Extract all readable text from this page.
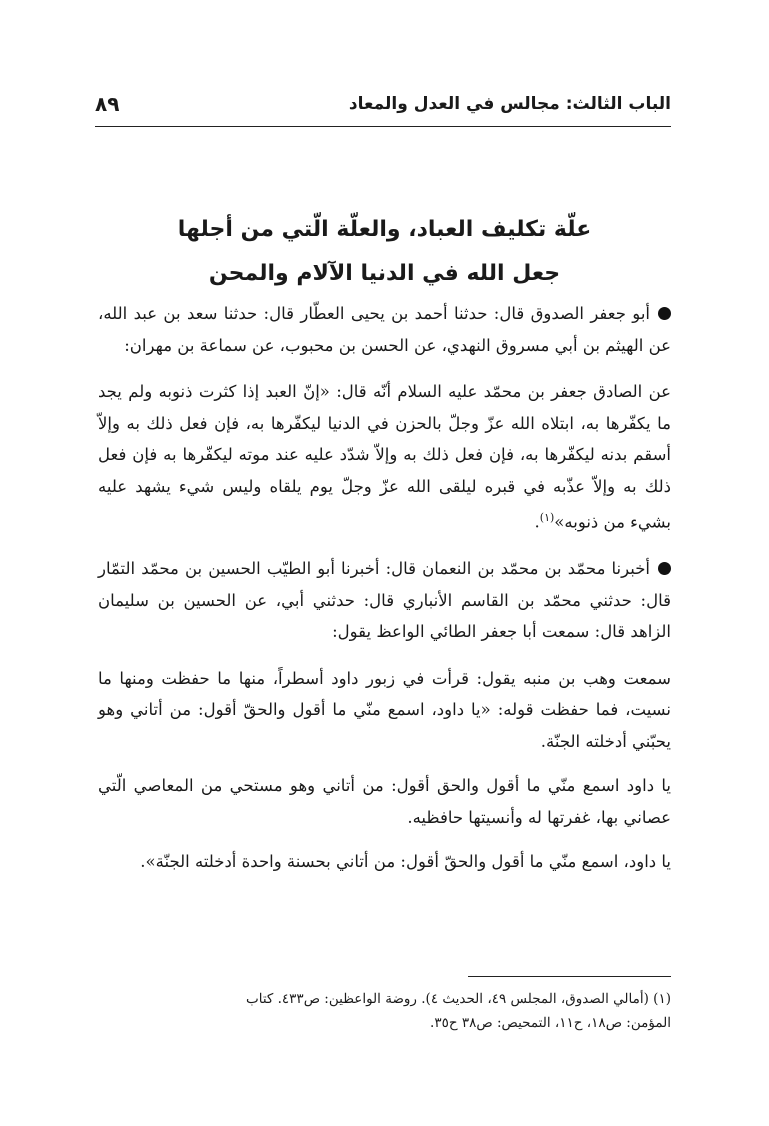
الباب الثالث: مجالس في العدل والمعاد
٨٩
علّة تكليف العباد، والعلّة الّتي من أجلها
جعل الله في الدنيا الآلام والمحن

أبو جعفر الصدوق قال: حدثنا أحمد بن يحيى العطّار قال: حدثنا سعد بن عبد الله، عن الهيثم بن أبي مسروق النهدي، عن الحسن بن محبوب، عن سماعة بن مهران:

عن الصادق جعفر بن محمّد عليه السلام أنّه قال: «إنّ العبد إذا كثرت ذنوبه ولم يجد ما يكفّرها به، ابتلاه الله عزّ وجلّ بالحزن في الدنيا ليكفّرها به، فإن فعل ذلك به وإلاّ أسقم بدنه ليكفّرها به، فإن فعل ذلك به وإلاّ شدّد عليه عند موته ليكفّرها به فإن فعل ذلك به وإلاّ عذّبه في قبره ليلقى الله عزّ وجلّ يوم يلقاه وليس شيء يشهد عليه بشيء من ذنوبه»$^{(١)}$.

أخبرنا محمّد بن محمّد بن النعمان قال: أخبرنا أبو الطيّب الحسين بن محمّد التمّار قال: حدثني محمّد بن القاسم الأنباري قال: حدثني أبي، عن الحسين بن سليمان الزاهد قال: سمعت أبا جعفر الطائي الواعظ يقول:

سمعت وهب بن منبه يقول: قرأت في زبور داود أسطراً، منها ما حفظت ومنها ما نسيت، فما حفظت قوله: «يا داود، اسمع منّي ما أقول والحقّ أقول: من أتاني وهو يحبّني أدخلته الجنّة.

يا داود اسمع منّي ما أقول والحق أقول: من أتاني وهو مستحي من المعاصي الّتي عصاني بها، غفرتها له وأنسيتها حافظيه.

يا داود، اسمع منّي ما أقول والحقّ أقول: من أتاني بحسنة واحدة أدخلته الجنّة».

(١) (أمالي الصدوق، المجلس ٤٩، الحديث ٤). روضة الواعظين: ص٤٣٣. كتاب
المؤمن: ص١٨، ح١١، التمحيص: ص٣٨ ح٣٥.
